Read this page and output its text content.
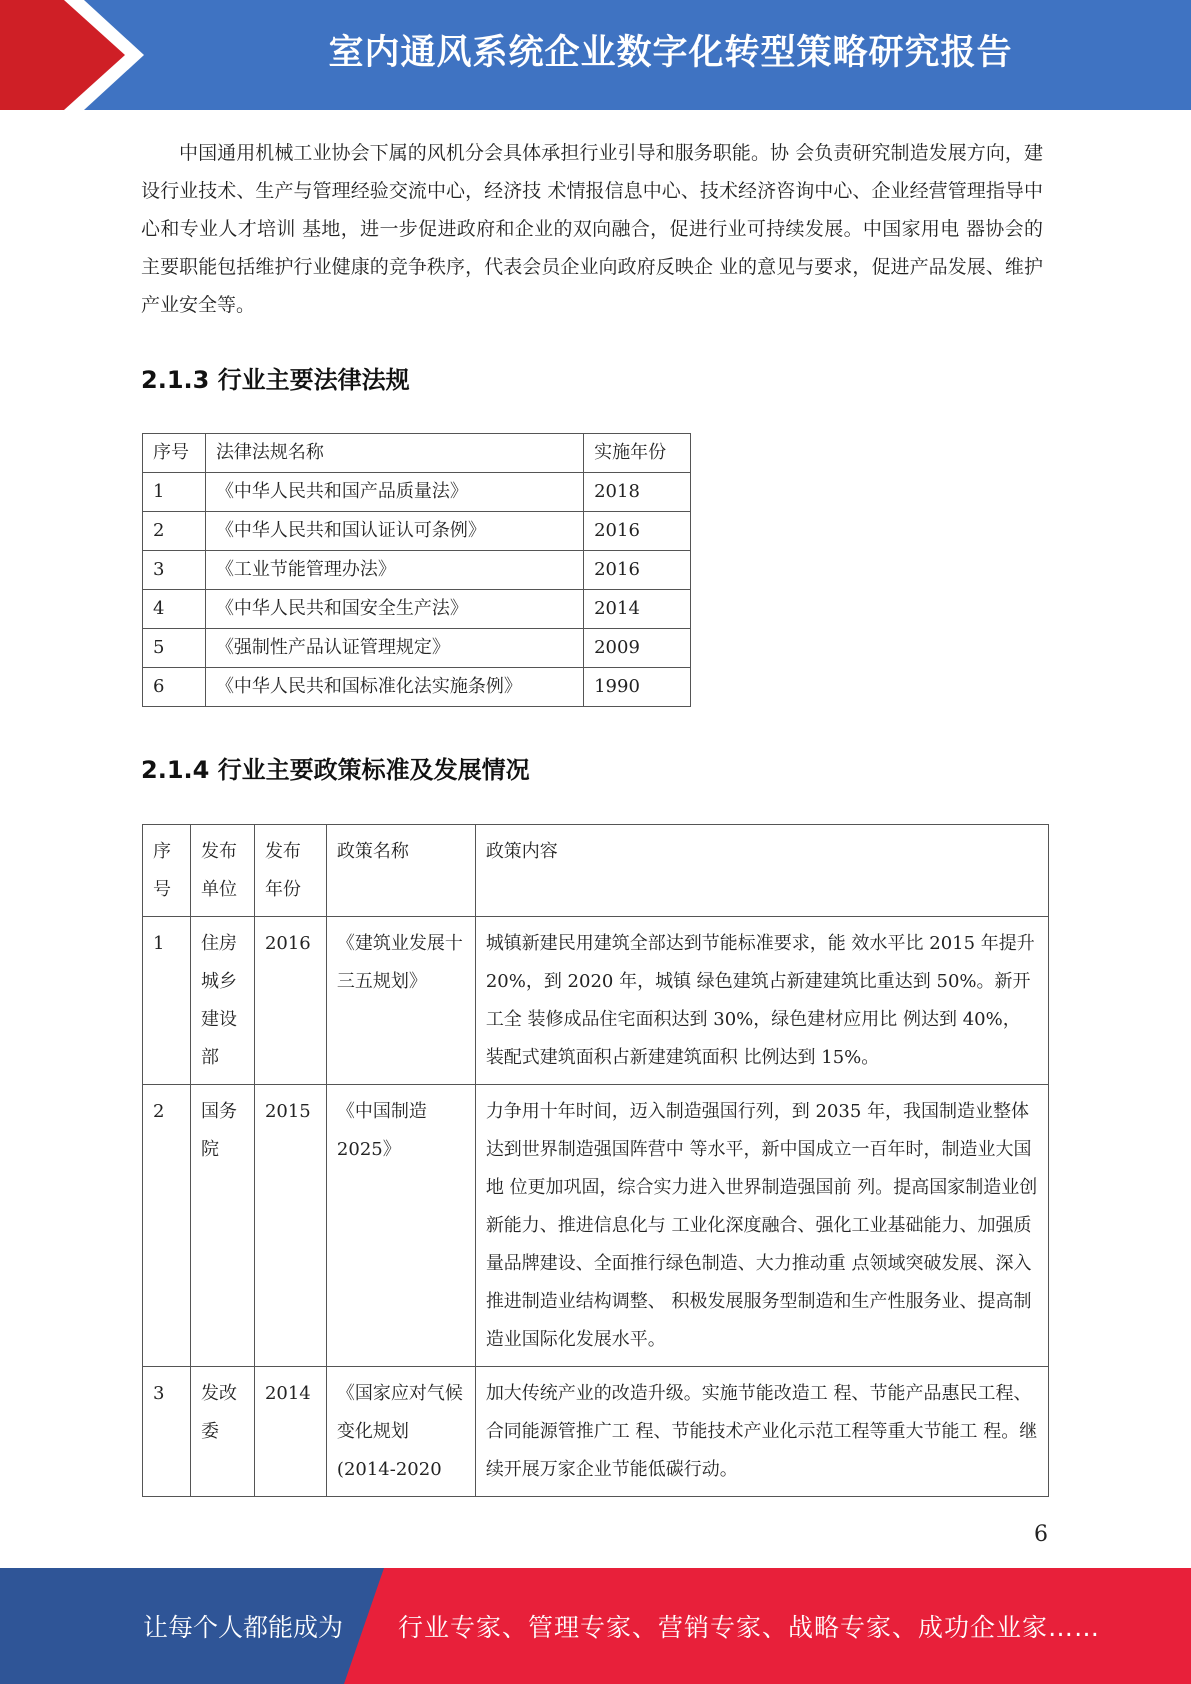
室内通风系统企业数字化转型策略研究报告

中国通用机械工业协会下属的风机分会具体承担行业引导和服务职能。协 会负责研究制造发展方向，建设行业技术、生产与管理经验交流中心，经济技 术情报信息中心、技术经济咨询中心、企业经营管理指导中心和专业人才培训 基地，进一步促进政府和企业的双向融合，促进行业可持续发展。中国家用电 器协会的主要职能包括维护行业健康的竞争秩序，代表会员企业向政府反映企 业的意见与要求，促进产品发展、维护产业安全等。

2.1.3 行业主要法律法规
序号	法律法规名称	实施年份
1	《中华人民共和国产品质量法》	2018
2	《中华人民共和国认证认可条例》	2016
3	《工业节能管理办法》	2016
4	《中华人民共和国安全生产法》	2014
5	《强制性产品认证管理规定》	2009
6	《中华人民共和国标准化法实施条例》	1990
2.1.4 行业主要政策标准及发展情况
序号	发布单位	发布年份	政策名称	政策内容
1	住房城乡建设部	2016	《建筑业发展十三五规划》	城镇新建民用建筑全部达到节能标准要求，能 效水平比 2015 年提升 20%，到 2020 年，城镇 绿色建筑占新建建筑比重达到 50%。新开工全 装修成品住宅面积达到 30%，绿色建材应用比 例达到 40%，装配式建筑面积占新建建筑面积 比例达到 15%。
2	国务院	2015	《中国制造 2025》	力争用十年时间，迈入制造强国行列，到 2035 年，我国制造业整体达到世界制造强国阵营中 等水平，新中国成立一百年时，制造业大国地 位更加巩固，综合实力进入世界制造强国前 列。提高国家制造业创新能力、推进信息化与 工业化深度融合、强化工业基础能力、加强质 量品牌建设、全面推行绿色制造、大力推动重 点领域突破发展、深入推进制造业结构调整、 积极发展服务型制造和生产性服务业、提高制 造业国际化发展水平。
3	发改委	2014	《国家应对气候变化规划 (2014-2020	加大传统产业的改造升级。实施节能改造工 程、节能产品惠民工程、合同能源管推广工 程、节能技术产业化示范工程等重大节能工 程。继续开展万家企业节能低碳行动。
6
让每个人都能成为 行业专家、管理专家、营销专家、战略专家、成功企业家……
